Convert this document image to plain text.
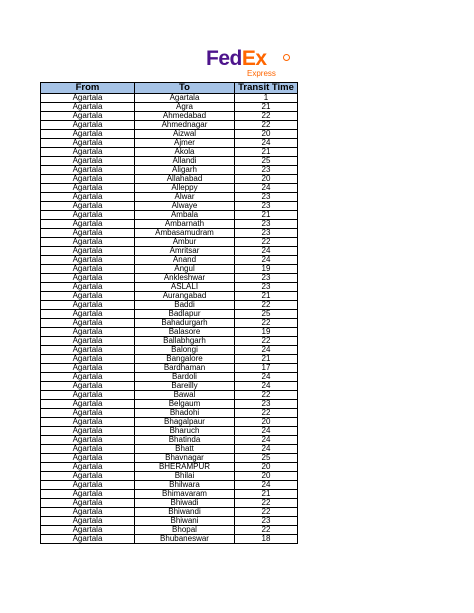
FedEx
Express
From	To	Transit Time
Agartala	Agartala	1
Agartala	Agra	21
Agartala	Ahmedabad	22
Agartala	Ahmednagar	22
Agartala	Aizwal	20
Agartala	Ajmer	24
Agartala	Akola	21
Agartala	Allandi	25
Agartala	Aligarh	23
Agartala	Allahabad	20
Agartala	Alleppy	24
Agartala	Alwar	23
Agartala	Alwaye	23
Agartala	Ambala	21
Agartala	Ambarnath	23
Agartala	Ambasamudram	23
Agartala	Ambur	22
Agartala	Amritsar	24
Agartala	Anand	24
Agartala	Angul	19
Agartala	Ankleshwar	23
Agartala	ASLALI	23
Agartala	Aurangabad	21
Agartala	Baddi	22
Agartala	Badlapur	25
Agartala	Bahadurgarh	22
Agartala	Balasore	19
Agartala	Ballabhgarh	22
Agartala	Balongi	24
Agartala	Bangalore	21
Agartala	Bardhaman	17
Agartala	Bardoli	24
Agartala	Bareilly	24
Agartala	Bawal	22
Agartala	Belgaum	23
Agartala	Bhadohi	22
Agartala	Bhagalpaur	20
Agartala	Bharuch	24
Agartala	Bhatinda	24
Agartala	Bhatt	24
Agartala	Bhavnagar	25
Agartala	BHERAMPUR	20
Agartala	Bhilai	20
Agartala	Bhilwara	24
Agartala	Bhimavaram	21
Agartala	Bhiwadi	22
Agartala	Bhiwandi	22
Agartala	Bhiwani	23
Agartala	Bhopal	22
Agartala	Bhubaneswar	18
